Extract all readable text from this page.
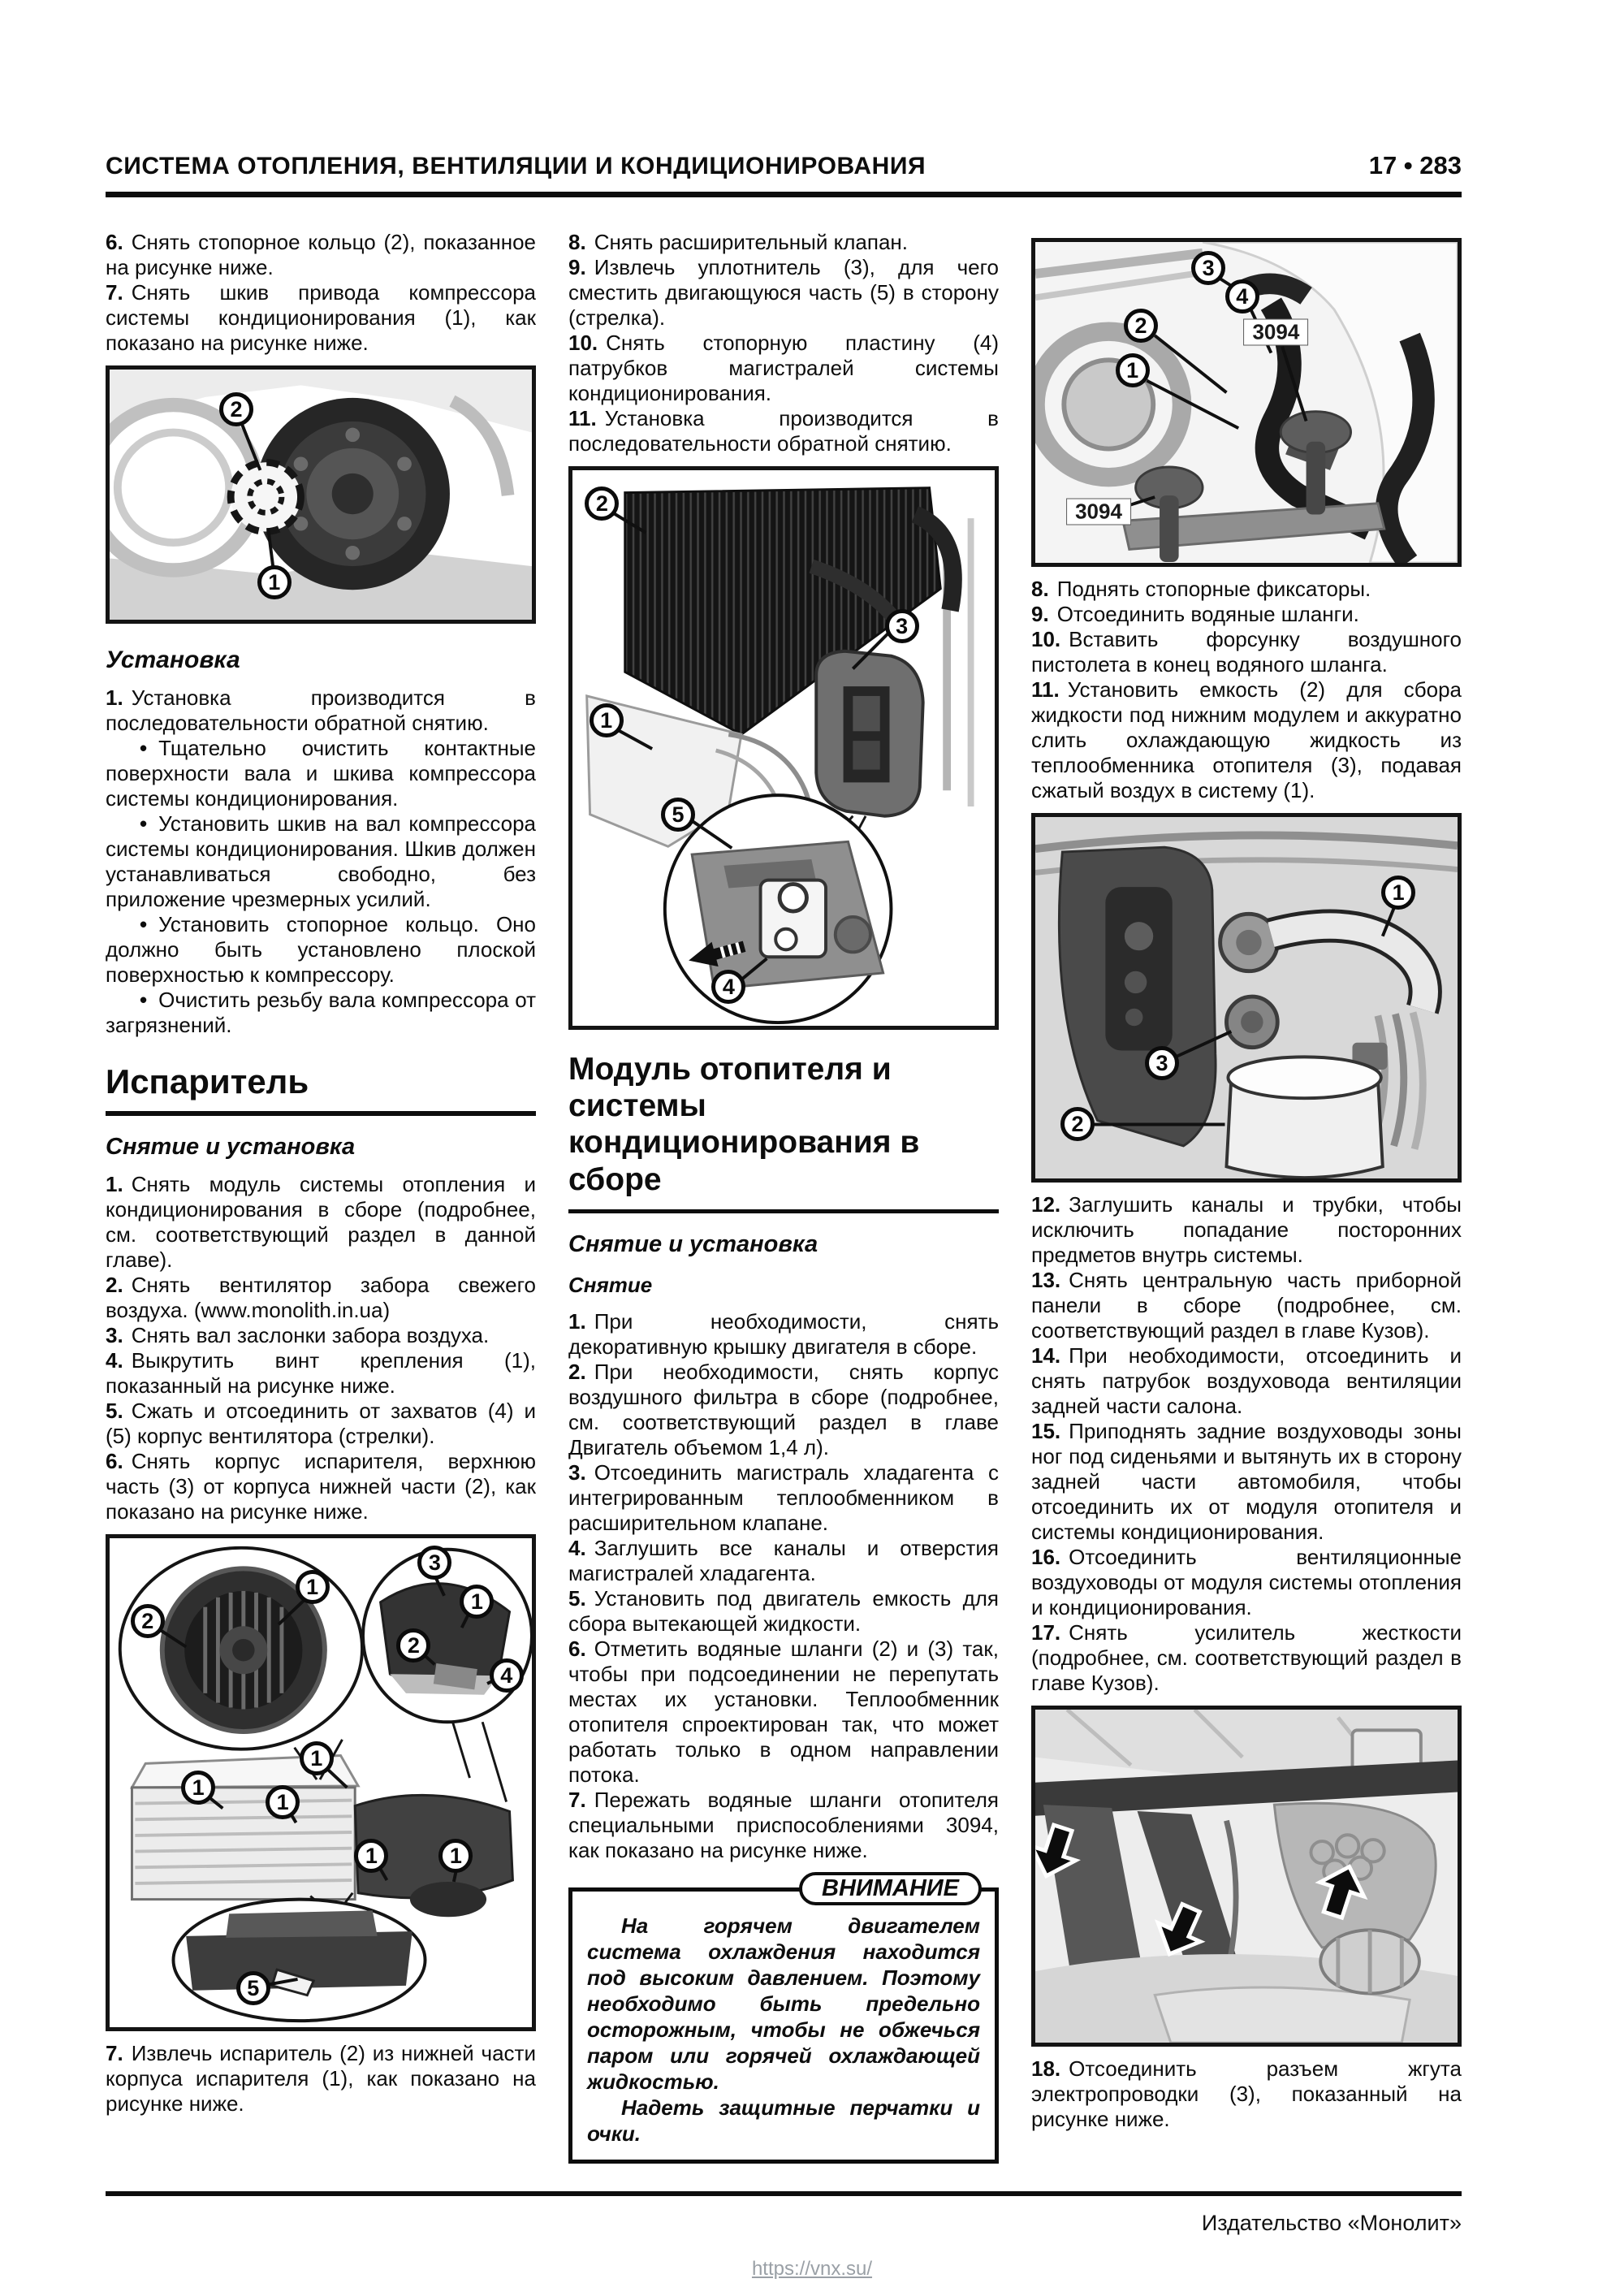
СИСТЕМА ОТОПЛЕНИЯ, ВЕНТИЛЯЦИИ И КОНДИЦИОНИРОВАНИЯ	17 • 283

6. Снять стопорное кольцо (2), показанное на рисунке ниже.

7. Снять шкив привода компрессора системы кондиционирования (1), как показано на рисунке ниже.

2
1
Установка

1. Установка производится в последовательности обратной снятию.

• Тщательно очистить контактные поверхности вала и шкива компрессора системы кондиционирования.

• Установить шкив на вал компрессора системы кондиционирования. Шкив должен устанавливаться свободно, без приложение чрезмерных усилий.

• Установить стопорное кольцо. Оно должно быть установлено плоской поверхностью к компрессору.

• Очистить резьбу вала компрессора от загрязнений.

Испаритель
Снятие и установка

1. Снять модуль системы отопления и кондиционирования в сборе (подробнее, см. соответствующий раздел в данной главе).

2. Снять вентилятор забора свежего воздуха. (www.monolith.in.ua)

3. Снять вал заслонки забора воздуха.

4. Выкрутить винт крепления (1), показанный на рисунке ниже.

5. Сжать и отсоединить от захватов (4) и (5) корпус вентилятора (стрелки).

6. Снять корпус испарителя, верхнюю часть (3) от корпуса нижней части (2), как показано на рисунке ниже.

1
2
3
1
2
4
1
1
1
1	1
5

7. Извлечь испаритель (2) из нижней части корпуса испарителя (1), как показано на рисунке ниже.

8. Снять расширительный клапан.

9. Извлечь уплотнитель (3), для чего сместить двигающуюся часть (5) в сторону (стрелка).

10. Снять стопорную пластину (4) патрубков магистралей системы кондиционирования.

11. Установка производится в последовательности обратной снятию.

2
3
1
5
4
Модуль отопителя и системы кондиционирования в сборе
Снятие и установка
Снятие

1. При необходимости, снять декоративную крышку двигателя в сборе.

2. При необходимости, снять корпус воздушного фильтра в сборе (подробнее, см. соответствующий раздел в главе Двигатель объемом 1,4 л).

3. Отсоединить магистраль хладагента с интегрированным теплообменником в расширительном клапане.

4. Заглушить все каналы и отверстия магистралей хладагента.

5. Установить под двигатель емкость для сбора вытекающей жидкости.

6. Отметить водяные шланги (2) и (3) так, чтобы при подсоединении не перепутать местах их установки. Теплообменник отопителя спроектирован так, что может работать только в одном направлении потока.

7. Пережать водяные шланги отопителя специальными приспособлениями 3094, как показано на рисунке ниже.

ВНИМАНИЕ

На горячем двигателем система охлаждения находится под высоким давлением. Поэтому необходимо быть предельно осторожным, чтобы не обжечься паром или горячей охлаждающей жидкостью.

Надеть защитные перчатки и очки.

3
4
2
1
3094
3094

8. Поднять стопорные фиксаторы.

9. Отсоединить водяные шланги.

10. Вставить форсунку воздушного пистолета в конец водяного шланга.

11. Установить емкость (2) для сбора жидкости под нижним модулем и аккуратно слить охлаждающую жидкость из теплообменника отопителя (3), подавая сжатый воздух в систему (1).

1
3
2

12. Заглушить каналы и трубки, чтобы исключить попадание посторонних предметов внутрь системы.

13. Снять центральную часть приборной панели в сборе (подробнее, см. соответствующий раздел в главе Кузов).

14. При необходимости, отсоединить и снять патрубок воздуховода вентиляции задней части салона.

15. Приподнять задние воздуховоды зоны ног под сиденьями и вытянуть их в сторону задней части автомобиля, чтобы отсоединить их от модуля отопителя и системы кондиционирования.

16. Отсоединить вентиляционные воздуховоды от модуля системы отопления и кондиционирования.

17. Снять усилитель жесткости (подробнее, см. соответствующий раздел в главе Кузов).

18. Отсоединить разъем жгута электропроводки (3), показанный на рисунке ниже.

Издательство «Монолит»
https://vnx.su/
